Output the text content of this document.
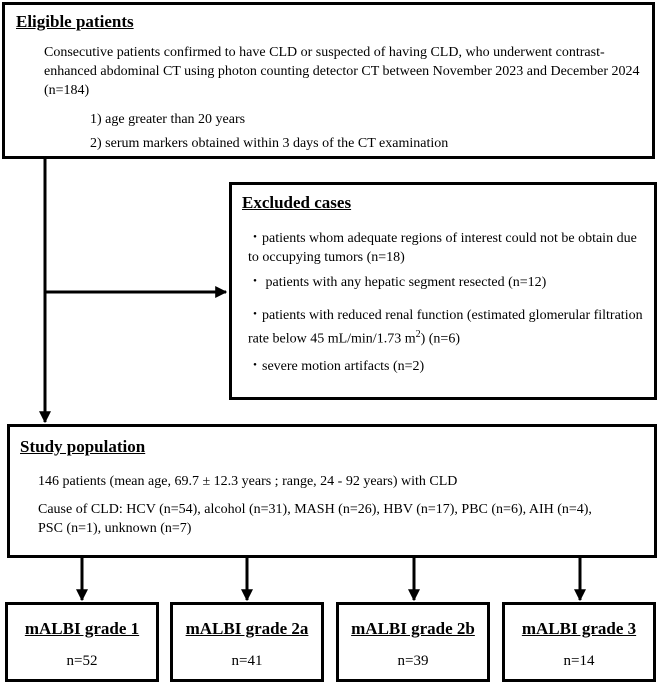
Eligible patients
Consecutive patients confirmed to have CLD or suspected of having CLD, who underwent contrast-enhanced abdominal CT using photon counting detector CT between November 2023 and December 2024 (n=184)
1) age greater than 20 years
2) serum markers obtained within 3 days of the CT examination
Excluded cases
・patients whom adequate regions of interest could not be obtain due to occupying tumors (n=18)
・ patients with any hepatic segment resected (n=12)
・patients with reduced renal function (estimated glomerular filtration rate below 45 mL/min/1.73 $m^2$) (n=6)
・severe motion artifacts (n=2)
Study population
146 patients (mean age, 69.7 ± 12.3 years ; range, 24 - 92 years) with CLD
Cause of CLD: HCV (n=54), alcohol (n=31), MASH (n=26), HBV (n=17), PBC (n=6), AIH (n=4), PSC (n=1), unknown (n=7)
mALBI grade 1
n=52
mALBI grade 2a
n=41
mALBI grade 2b
n=39
mALBI grade 3
n=14
